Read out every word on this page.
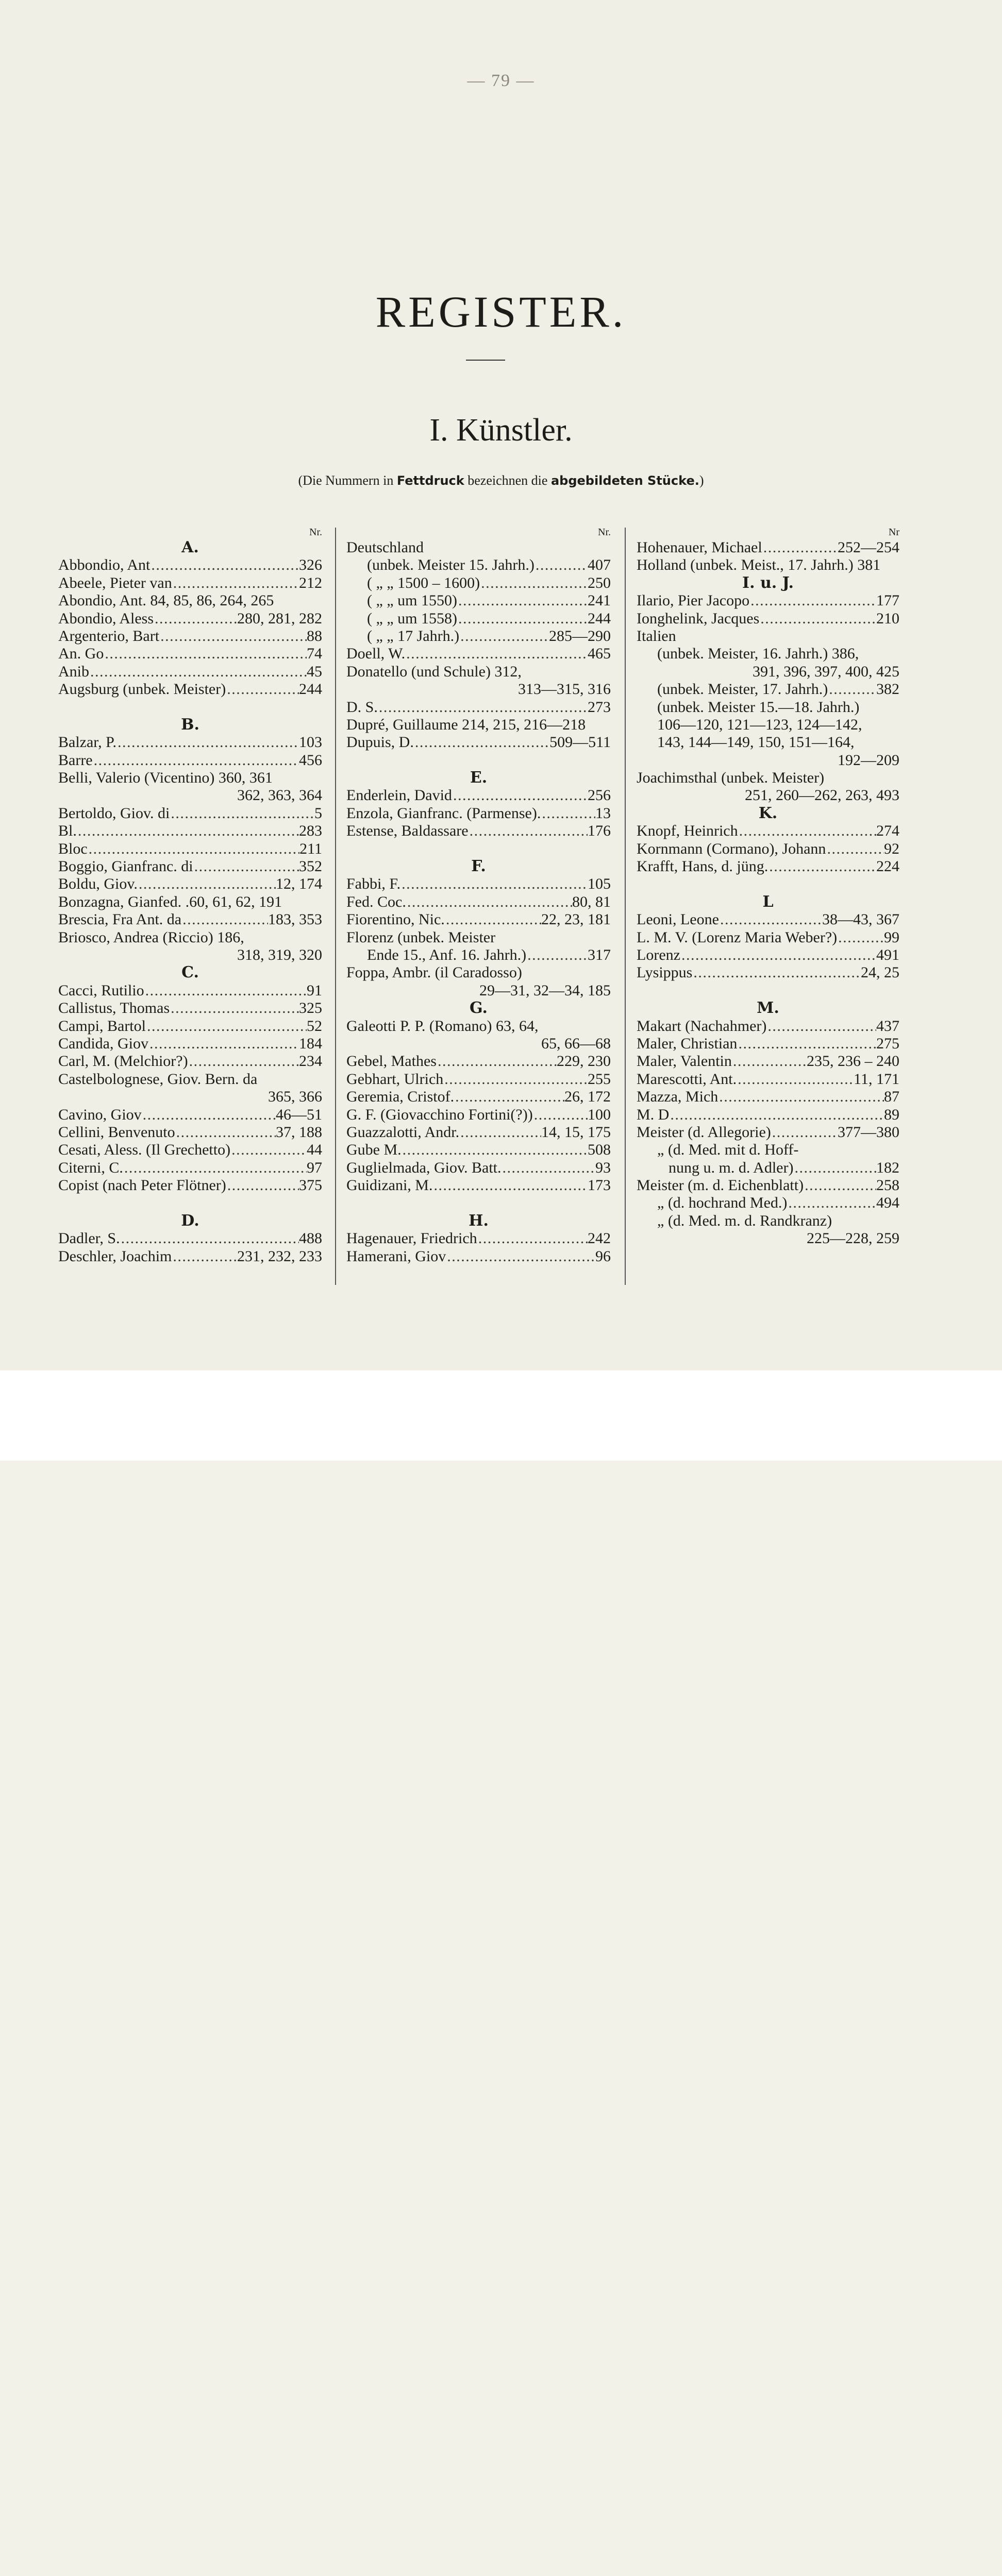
— 79 —
REGISTER.
I. Künstler.
(Die Nummern in Fettdruck bezeichnen die abgebildeten Stücke.)
Nr.
A.
Abbondio, Ant . . .	326
Abeele, Pieter van . . .	212
Abondio, Ant. 84, 85, 86, 264, 265
Abondio, Aless . . .	280, 281, 282
Argenterio, Bart . . .	88
An. Go . . .	74
Anib . . .	45
Augsburg (unbek. Meister) . . .	244
B.
Balzar, P. . . .	103
Barre . . .	456
Belli, Valerio (Vicentino) 360, 361
362, 363, 364
Bertoldo, Giov. di . . .	5
Bl. . . .	283
Bloc . . .	211
Boggio, Gianfranc. di . . .	352
Boldu, Giov. . . .	12, 174
Bonzagna, Gianfed. .60, 61, 62, 191
Brescia, Fra Ant. da . . .	183, 353
Briosco, Andrea (Riccio) 186,
318, 319, 320
C.
Cacci, Rutilio . . .	91
Callistus, Thomas . . .	325
Campi, Bartol . . .	52
Candida, Giov . . .	184
Carl, M. (Melchior?) . . .	234
Castelbolognese, Giov. Bern. da
365, 366
Cavino, Giov . . .	46—51
Cellini, Benvenuto . . .	37, 188
Cesati, Aless. (Il Grechetto) . . .	44
Citerni, C. . . .	97
Copist (nach Peter Flötner) . . .	375
D.
Dadler, S. . . .	488
Deschler, Joachim . . .	231, 232, 233
Nr.
Deutschland
(unbek. Meister 15. Jahrh.) . . .	407
( „ „ 1500 – 1600) . . .	250
( „ „ um 1550) . . .	241
( „ „ um 1558) . . .	244
( „ „ 17 Jahrh.) . . .	285—290
Doell, W. . . .	465
Donatello (und Schule) 312,
313—315, 316
D. S. . . .	273
Dupré, Guillaume 214, 215, 216—218
Dupuis, D. . . .	509—511
E.
Enderlein, David . . .	256
Enzola, Gianfranc. (Parmense). . . .	13
Estense, Baldassare . . .	176
F.
Fabbi, F. . . .	105
Fed. Coc. . . .	80, 81
Fiorentino, Nic. . . .	22, 23, 181
Florenz (unbek. Meister
Ende 15., Anf. 16. Jahrh.) . . .	317
Foppa, Ambr. (il Caradosso)
29—31, 32—34, 185
G.
Galeotti P. P. (Romano) 63, 64,
65, 66—68
Gebel, Mathes . . .	229, 230
Gebhart, Ulrich . . .	255
Geremia, Cristof. . . .	26, 172
G. F. (Giovacchino Fortini(?)) . . .	100
Guazzalotti, Andr. . . .	14, 15, 175
Gube M. . . .	508
Guglielmada, Giov. Batt. . . .	93
Guidizani, M. . . .	173
H.
Hagenauer, Friedrich . . .	242
Hamerani, Giov . . .	96
Nr
Hohenauer, Michael . . .	252—254
Holland (unbek. Meist., 17. Jahrh.) 381
I. u. J.
Ilario, Pier Jacopo . . .	177
Ionghelink, Jacques . . .	210
Italien
(unbek. Meister, 16. Jahrh.) 386,
391, 396, 397, 400, 425
(unbek. Meister, 17. Jahrh.) . . .	382
(unbek. Meister 15.—18. Jahrh.)
106—120, 121—123, 124—142,
143, 144—149, 150, 151—164,
192—209
Joachimsthal (unbek. Meister)
251, 260—262, 263, 493
K.
Knopf, Heinrich . . .	274
Kornmann (Cormano), Johann . . .	92
Krafft, Hans, d. jüng. . . .	224
L
Leoni, Leone . . .	38—43, 367
L. M. V. (Lorenz Maria Weber?) . . .	99
Lorenz . . .	491
Lysippus . . .	24, 25
M.
Makart (Nachahmer) . . .	437
Maler, Christian . . .	275
Maler, Valentin . . .	235, 236 – 240
Marescotti, Ant. . . .	11, 171
Mazza, Mich . . .	87
M. D . . .	89
Meister (d. Allegorie) . . .	377—380
„ (d. Med. mit d. Hoff-
nung u. m. d. Adler) . . .	182
Meister (m. d. Eichenblatt) . . .	258
„ (d. hochrand Med.) . . .	494
„ (d. Med. m. d. Randkranz)
225—228, 259
